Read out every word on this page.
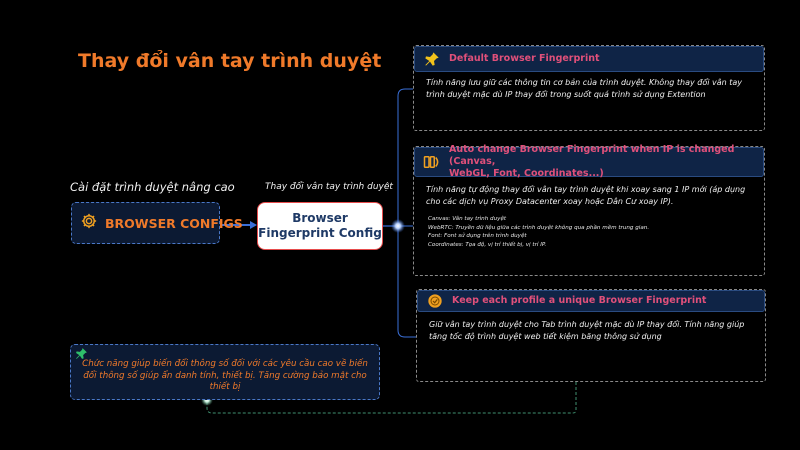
Thay đổi vân tay trình duyệt
Cài đặt trình duyệt nâng cao
BROWSER CONFIGS
Thay đổi vân tay trình duyệt
Browser
Fingerprint Config
Default Browser Fingerprint
Tính năng lưu giữ các thông tin cơ bản của trình duyệt. Không thay đổi vân tay trình duyệt mặc dù IP thay đổi trong suốt quá trình sử dụng Extention
Auto change Browser Fingerprint when IP is changed (Canvas,
WebGL, Font, Coordinates...)
Tính năng tự động thay đổi vân tay trình duyệt khi xoay sang 1 IP mới (áp dụng cho các dịch vụ Proxy Datacenter xoay hoặc Dân Cư xoay IP).
Canvas: Vân tay trình duyệt
WebRTC: Truyền dữ liệu giữa các trình duyệt không qua phần mềm trung gian.
Font: Font sử dụng trên trình duyệt
Coordinates: Tọa độ, vị trí thiết bị, vị trí IP.
Keep each profile a unique Browser Fingerprint
Giữ vân tay trình duyệt cho Tab trình duyệt mặc dù IP thay đổi. Tính năng giúp tăng tốc độ trình duyệt web tiết kiệm băng thông sử dụng
Chức năng giúp biến đổi thông số đối với các yêu cầu cao về biến đổi thông số giúp ẩn danh tính, thiết bị. Tăng cường bảo mật cho thiết bị
